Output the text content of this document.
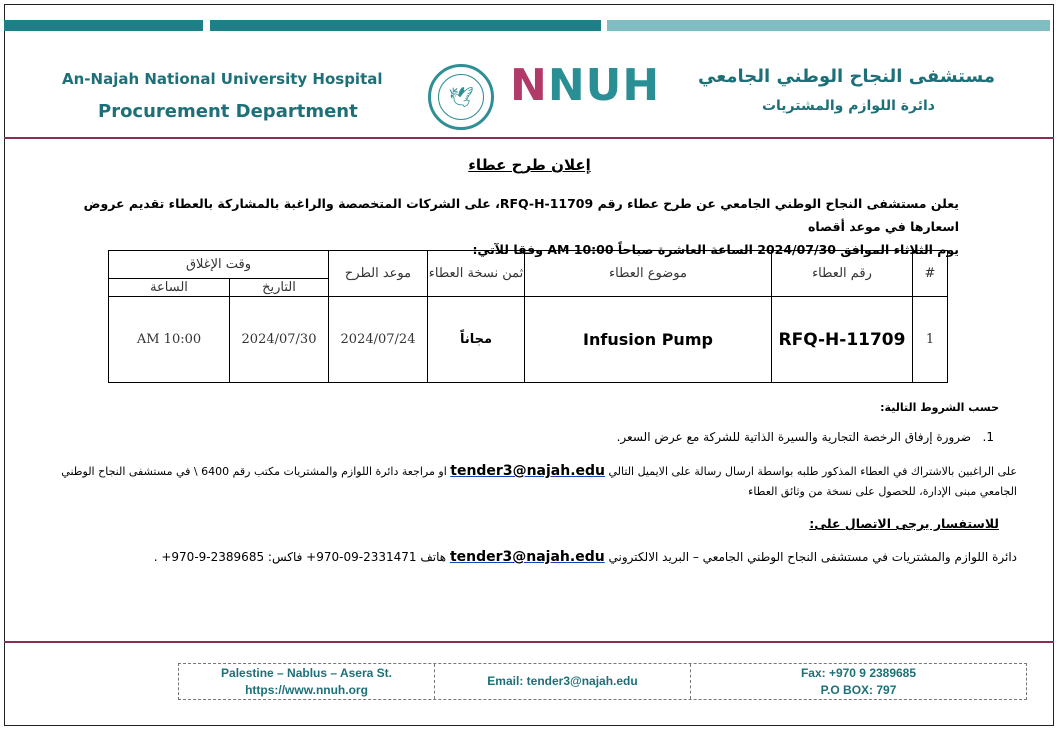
An-Najah National University Hospital
Procurement Department
مستشفى النجاح الوطني الجامعي
دائرة اللوازم والمشتريات
🕊 NNUH
إعلان طرح عطاء
يعلن مستشفى النجاح الوطني الجامعي عن طرح عطاء رقم RFQ-H-11709، على الشركات المتخصصة والراغبة بالمشاركة بالعطاء تقديم عروض اسعارها في موعد أقصاه
يوم الثلاثاء الموافق 2024/07/30 الساعة العاشرة صباحاً AM 10:00 وفقا للآتي:
#	رقم العطاء	موضوع العطاء	ثمن نسخة العطاء	موعد الطرح	وقت الإغلاق	
					التاريخ	الساعة
1	RFQ-H-11709	Infusion Pump	مجاناً	2024/07/24	2024/07/30	AM 10:00
حسب الشروط التالية:
1.   ضرورة إرفاق الرخصة التجارية والسيرة الذاتية للشركة مع عرض السعر.
على الراغبين بالاشتراك في العطاء المذكور طلبه بواسطة ارسال رسالة على الايميل التالي tender3@najah.edu او مراجعة دائرة اللوازم والمشتريات مكتب رقم 6400 \ في مستشفى النجاح الوطني الجامعي مبنى الإدارة، للحصول على نسخة من وثائق العطاء
للاستفسار يرجى الاتصال على:
دائرة اللوازم والمشتريات في مستشفى النجاح الوطني الجامعي – البريد الالكتروني tender3@najah.edu هاتف 2331471-09-970+ فاكس: 2389685-9-970+ .
Palestine – Nablus – Asera St.
https://www.nnuh.org
Email: tender3@najah.edu
Fax: +970 9 2389685
P.O BOX: 797
